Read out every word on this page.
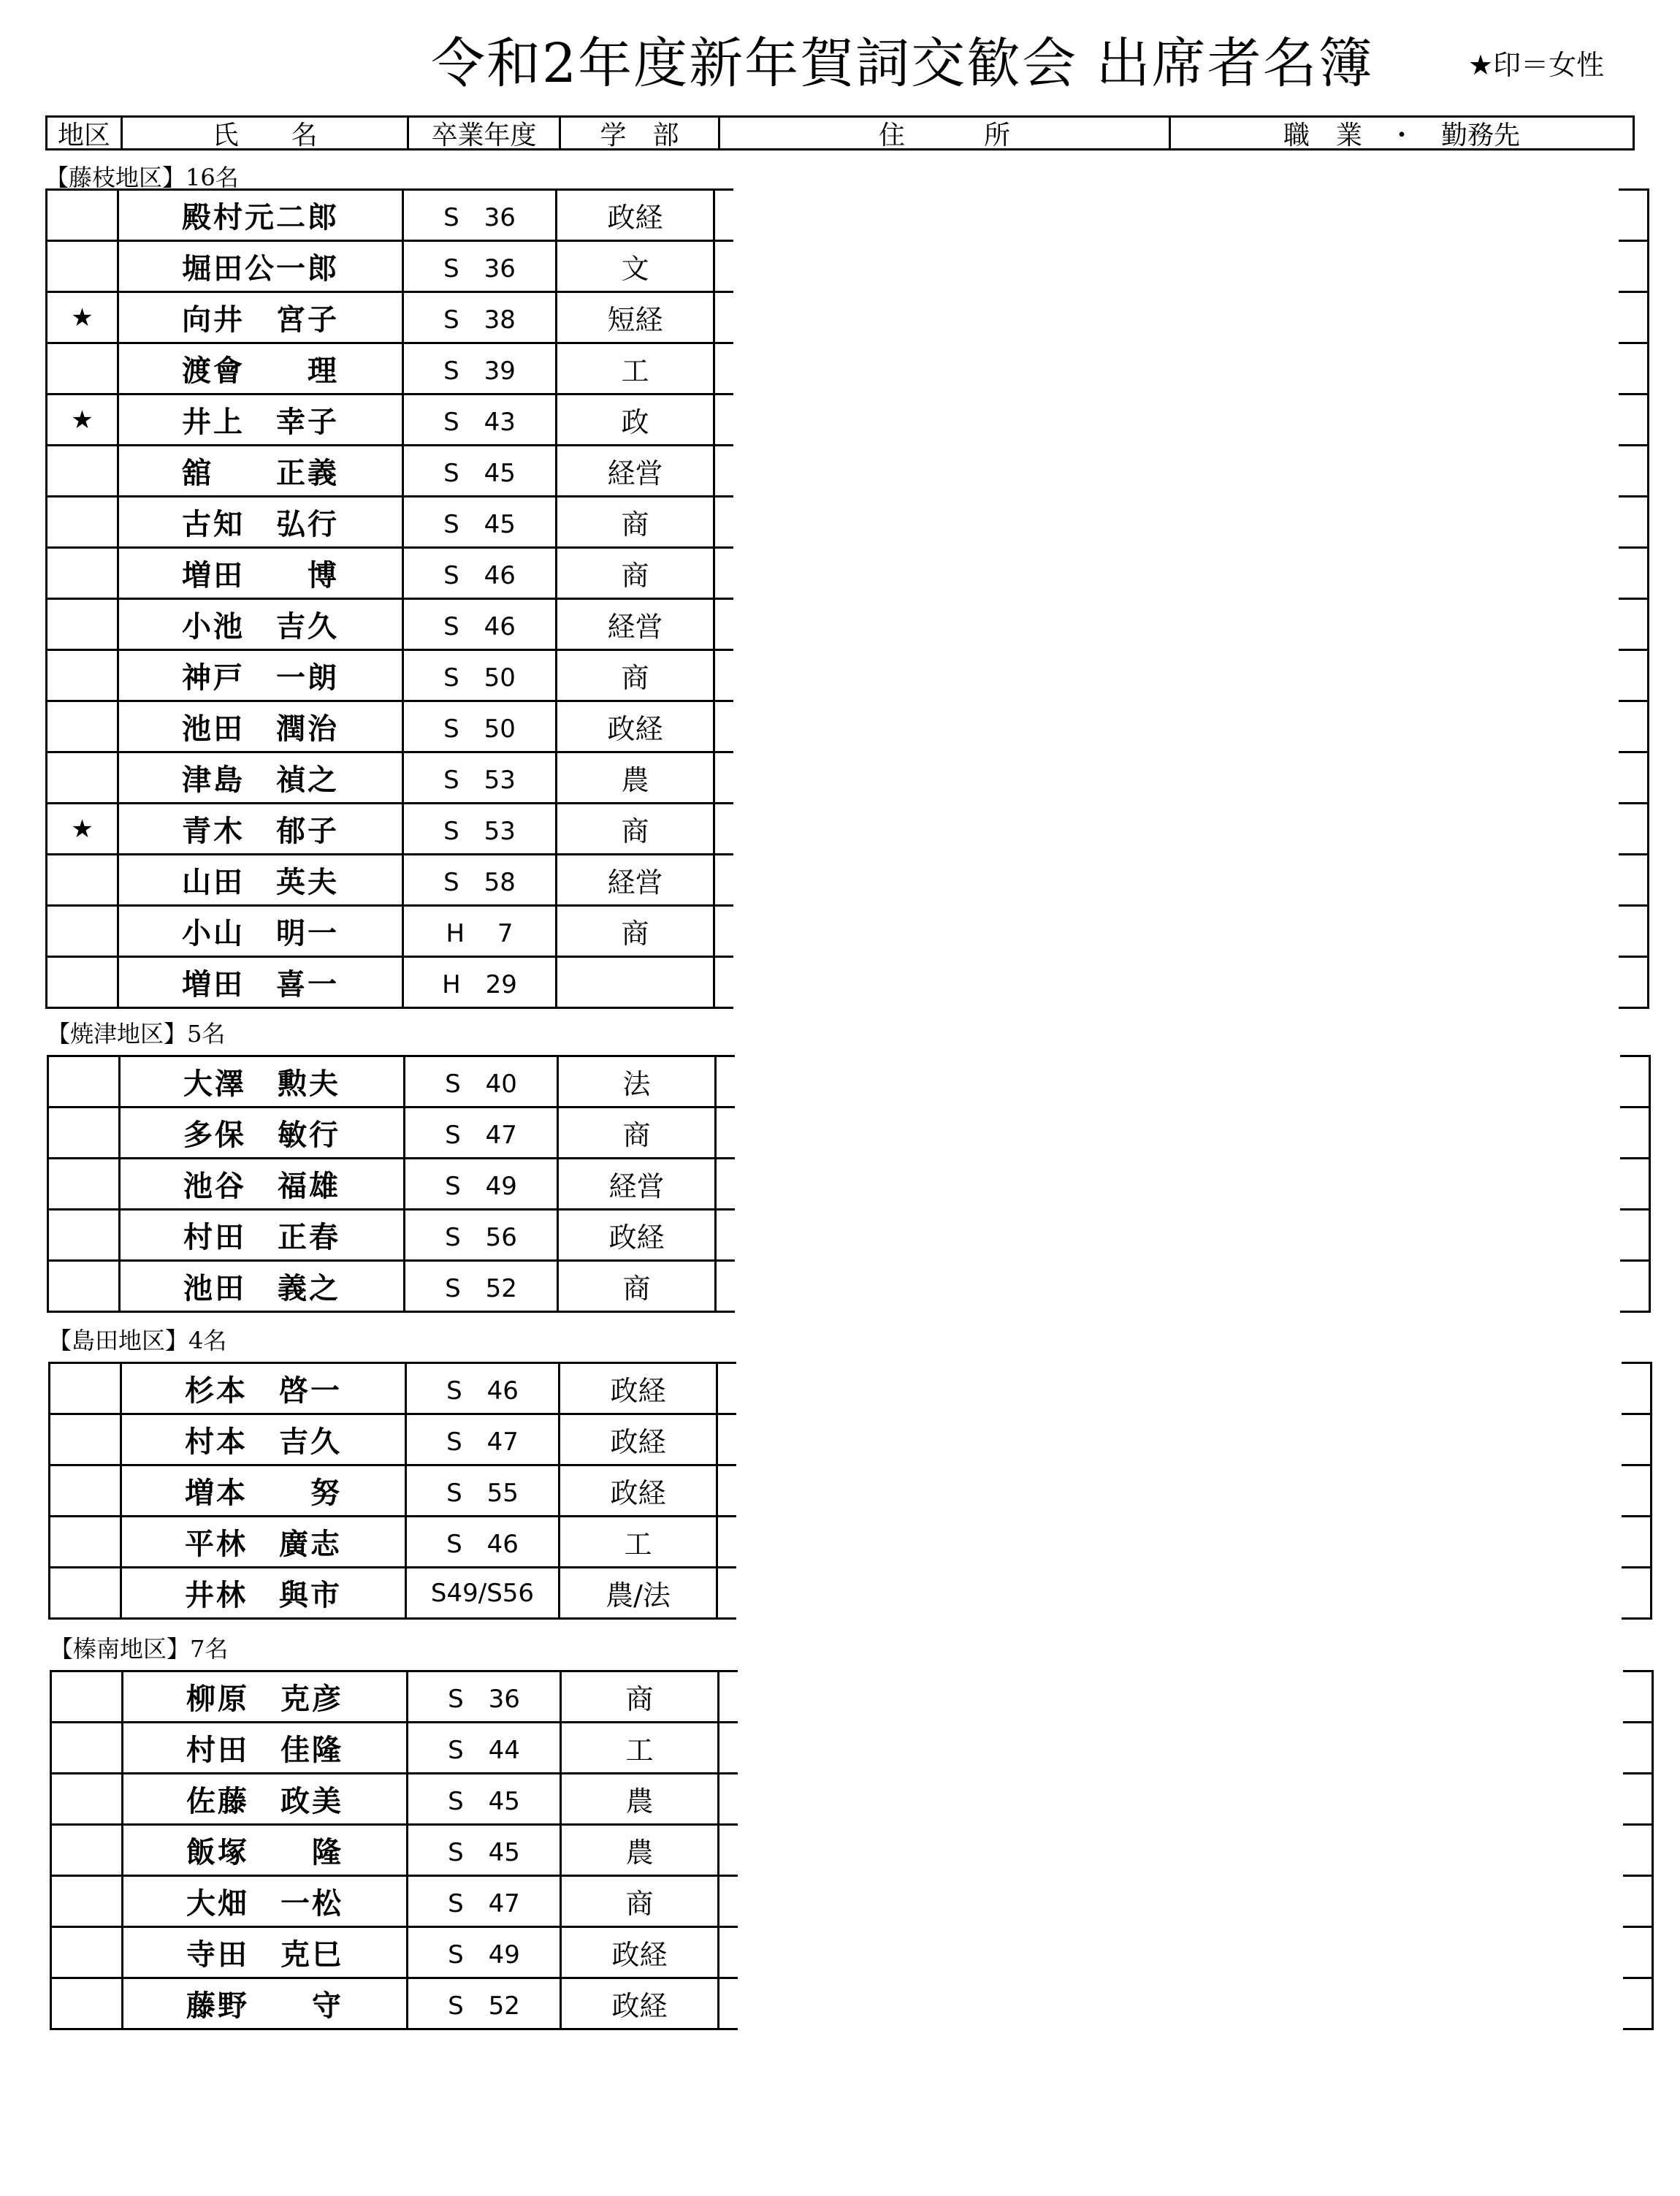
令和2年度新年賀詞交歓会 出席者名簿	★印＝女性
地区	氏　　名	卒業年度	学　部	住　　　所	職　業　・　勤務先
【藤枝地区】16名
	殿村元二郎	S　36	政経	
	堀田公一郎	S　36	文	
★	向井　宮子	S　38	短経	
	渡會　　理	S　39	工	
★	井上　幸子	S　43	政	
	舘　　正義	S　45	経営	
	古知　弘行	S　45	商	
	増田　　博	S　46	商	
	小池　吉久	S　46	経営	
	神戸　一朗	S　50	商	
	池田　潤治	S　50	政経	
	津島　禎之	S　53	農	
★	青木　郁子	S　53	商	
	山田　英夫	S　58	経営	
	小山　明一	H　 7	商	
	増田　喜一	H　29		
【焼津地区】5名
	大澤　勲夫	S　40	法	
	多保　敏行	S　47	商	
	池谷　福雄	S　49	経営	
	村田　正春	S　56	政経	
	池田　義之	S　52	商	
【島田地区】4名
	杉本　啓一	S　46	政経	
	村本　吉久	S　47	政経	
	増本　　努	S　55	政経	
	平林　廣志	S　46	工	
	井林　與市	S49/S56	農/法	
【榛南地区】7名
	柳原　克彦	S　36	商	
	村田　佳隆	S　44	工	
	佐藤　政美	S　45	農	
	飯塚　　隆	S　45	農	
	大畑　一松	S　47	商	
	寺田　克巳	S　49	政経	
	藤野　　守	S　52	政経	
